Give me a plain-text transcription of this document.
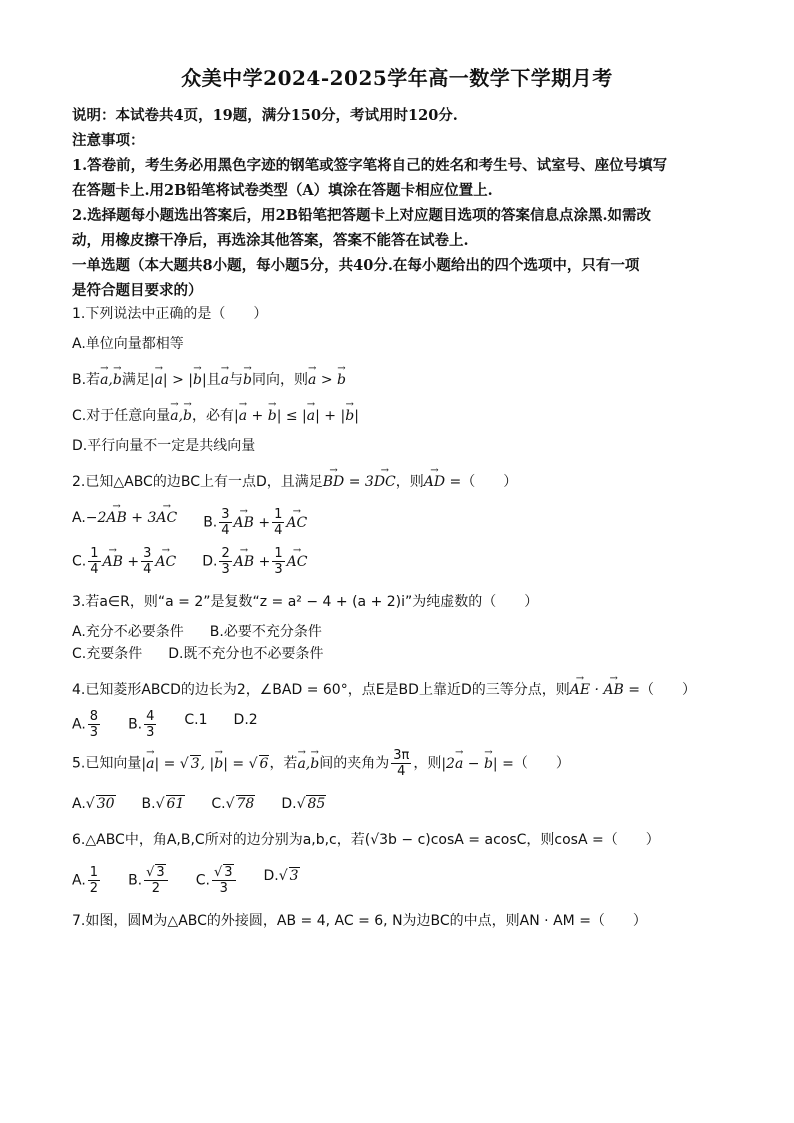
众美中学2024-2025学年高一数学下学期月考
说明：本试卷共4页，19题，满分150分，考试用时120分.
注意事项：
1.答卷前，考生务必用黑色字迹的钢笔或签字笔将自己的姓名和考生号、试室号、座位号填写
在答题卡上.用2B铅笔将试卷类型（A）填涂在答题卡相应位置上.
2.选择题每小题选出答案后，用2B铅笔把答题卡上对应题目选项的答案信息点涂黑.如需改
动，用橡皮擦干净后，再选涂其他答案，答案不能答在试卷上.
一单选题（本大题共8小题，每小题5分，共40分.在每小题给出的四个选项中，只有一项
是符合题目要求的）
1.下列说法中正确的是（　　）
A.单位向量都相等
B.若→ a,→ b满足|→ a| > |→ b|且→ a与→ b同向，则→ a > → b
C.对于任意向量→ a,→ b，必有|→ a + → b| ≤ |→ a| + |→ b|
D.平行向量不一定是共线向量
2.已知△ABC的边BC上有一点D，且满足→ BD = 3→ DC，则→ AD =（　　）
A.−2→ AB + 3→ AC B. $\frac{3}{4}$ → AB + $\frac{1}{4}$ → AC
C. $\frac{1}{4}$ → AB + $\frac{3}{4}$ → AC D. $\frac{2}{3}$ → AB + $\frac{1}{3}$ → AC
3.若a∈R，则“a = 2”是复数“z = a² − 4 + (a + 2)i”为纯虚数的（　　）
A.充分不必要条件 B.必要不充分条件
C.充要条件 D.既不充分也不必要条件
4.已知菱形ABCD的边长为2，∠BAD = 60°，点E是BD上靠近D的三等分点，则→ AE · → AB =（　　）
A. $\frac{8}{3} B$. $\frac{4}{3} C.1$ D.2
5.已知向量|→ a| = √ 3, |→ b| = √ 6，若→ a,→ b间的夹角为 $\frac{3\pi}{4}$ ，则|2→ a − → b| =（　　）
A.√ 30 B.√ 61 C.√ 78 D.√ 85
6.△ABC中，角A,B,C所对的边分别为a,b,c，若(√3b − c)cosA = acosC，则cosA =（　　）
A. $\frac{1}{2} B$. $\frac{√ 3}{2} C$. $\frac{√ 3}{3} D.√$ 3
7.如图，圆M为△ABC的外接圆，AB = 4, AC = 6, N为边BC的中点，则AN · AM =（　　）
